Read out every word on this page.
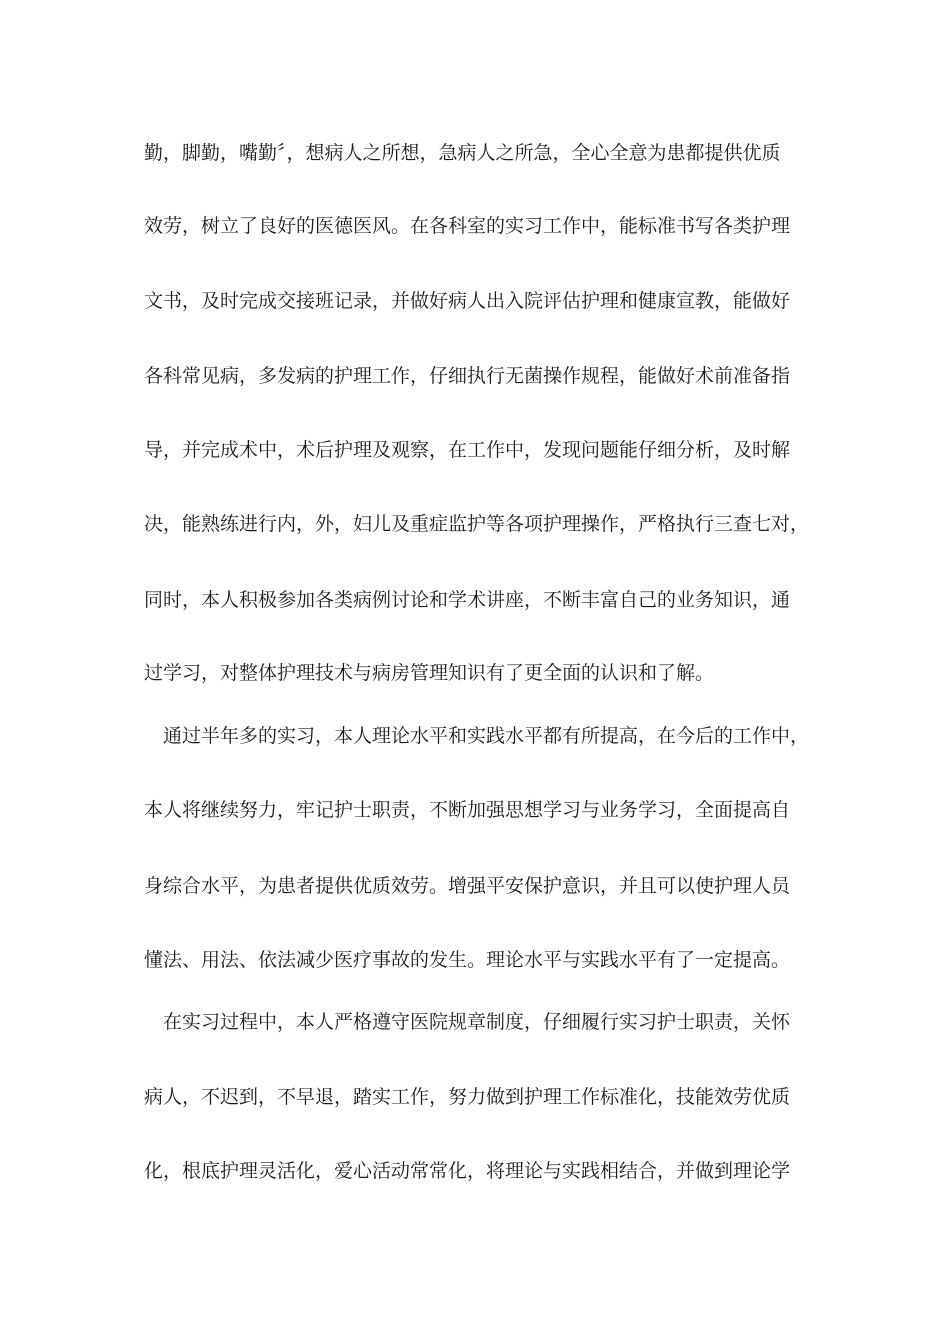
勤，脚勤，嘴勤〞，想病人之所想，急病人之所急，全心全意为患都提供优质

效劳，树立了良好的医德医风。在各科室的实习工作中，能标准书写各类护理

文书，及时完成交接班记录，并做好病人出入院评估护理和健康宣教，能做好

各科常见病，多发病的护理工作，仔细执行无菌操作规程，能做好术前准备指

导，并完成术中，术后护理及观察，在工作中，发现问题能仔细分析，及时解

决，能熟练进行内，外，妇儿及重症监护等各项护理操作，严格执行三查七对，

同时，本人积极参加各类病例讨论和学术讲座，不断丰富自己的业务知识，通

过学习，对整体护理技术与病房管理知识有了更全面的认识和了解。

通过半年多的实习，本人理论水平和实践水平都有所提高，在今后的工作中，

本人将继续努力，牢记护士职责，不断加强思想学习与业务学习，全面提高自

身综合水平，为患者提供优质效劳。增强平安保护意识，并且可以使护理人员

懂法、用法、依法减少医疗事故的发生。理论水平与实践水平有了一定提高。

在实习过程中，本人严格遵守医院规章制度，仔细履行实习护士职责，关怀

病人，不迟到，不早退，踏实工作，努力做到护理工作标准化，技能效劳优质

化，根底护理灵活化，爱心活动常常化，将理论与实践相结合，并做到理论学
